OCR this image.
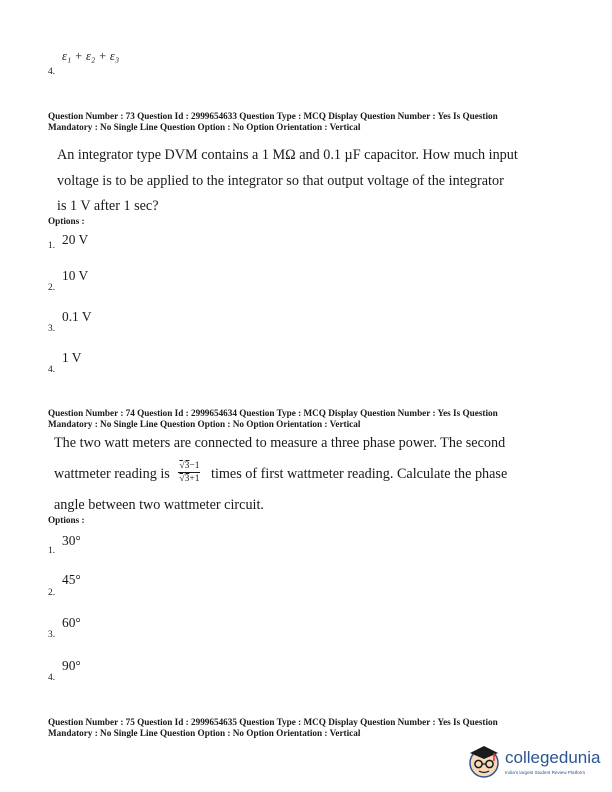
ε₁ + ε₂ + ε₃
4.
Question Number : 73 Question Id : 2999654633 Question Type : MCQ Display Question Number : Yes Is Question
Mandatory : No Single Line Question Option : No Option Orientation : Vertical
An integrator type DVM contains a 1 MΩ and 0.1 µF capacitor. How much input
voltage is to be applied to the integrator so that output voltage of the integrator
is 1 V after 1 sec?
Options :
20 V
1.
10 V
2.
0.1 V
3.
1 V
4.
Question Number : 74 Question Id : 2999654634 Question Type : MCQ Display Question Number : Yes Is Question
Mandatory : No Single Line Question Option : No Option Orientation : Vertical
The two watt meters are connected to measure a three phase power. The second
wattmeter reading is $\frac{√3-1}{√3+1}$ times of first wattmeter reading. Calculate the phase
angle between two wattmeter circuit.
Options :
30°
1.
45°
2.
60°
3.
90°
4.
Question Number : 75 Question Id : 2999654635 Question Type : MCQ Display Question Number : Yes Is Question
Mandatory : No Single Line Question Option : No Option Orientation : Vertical
collegedunia
India's largest Student Review Platform
